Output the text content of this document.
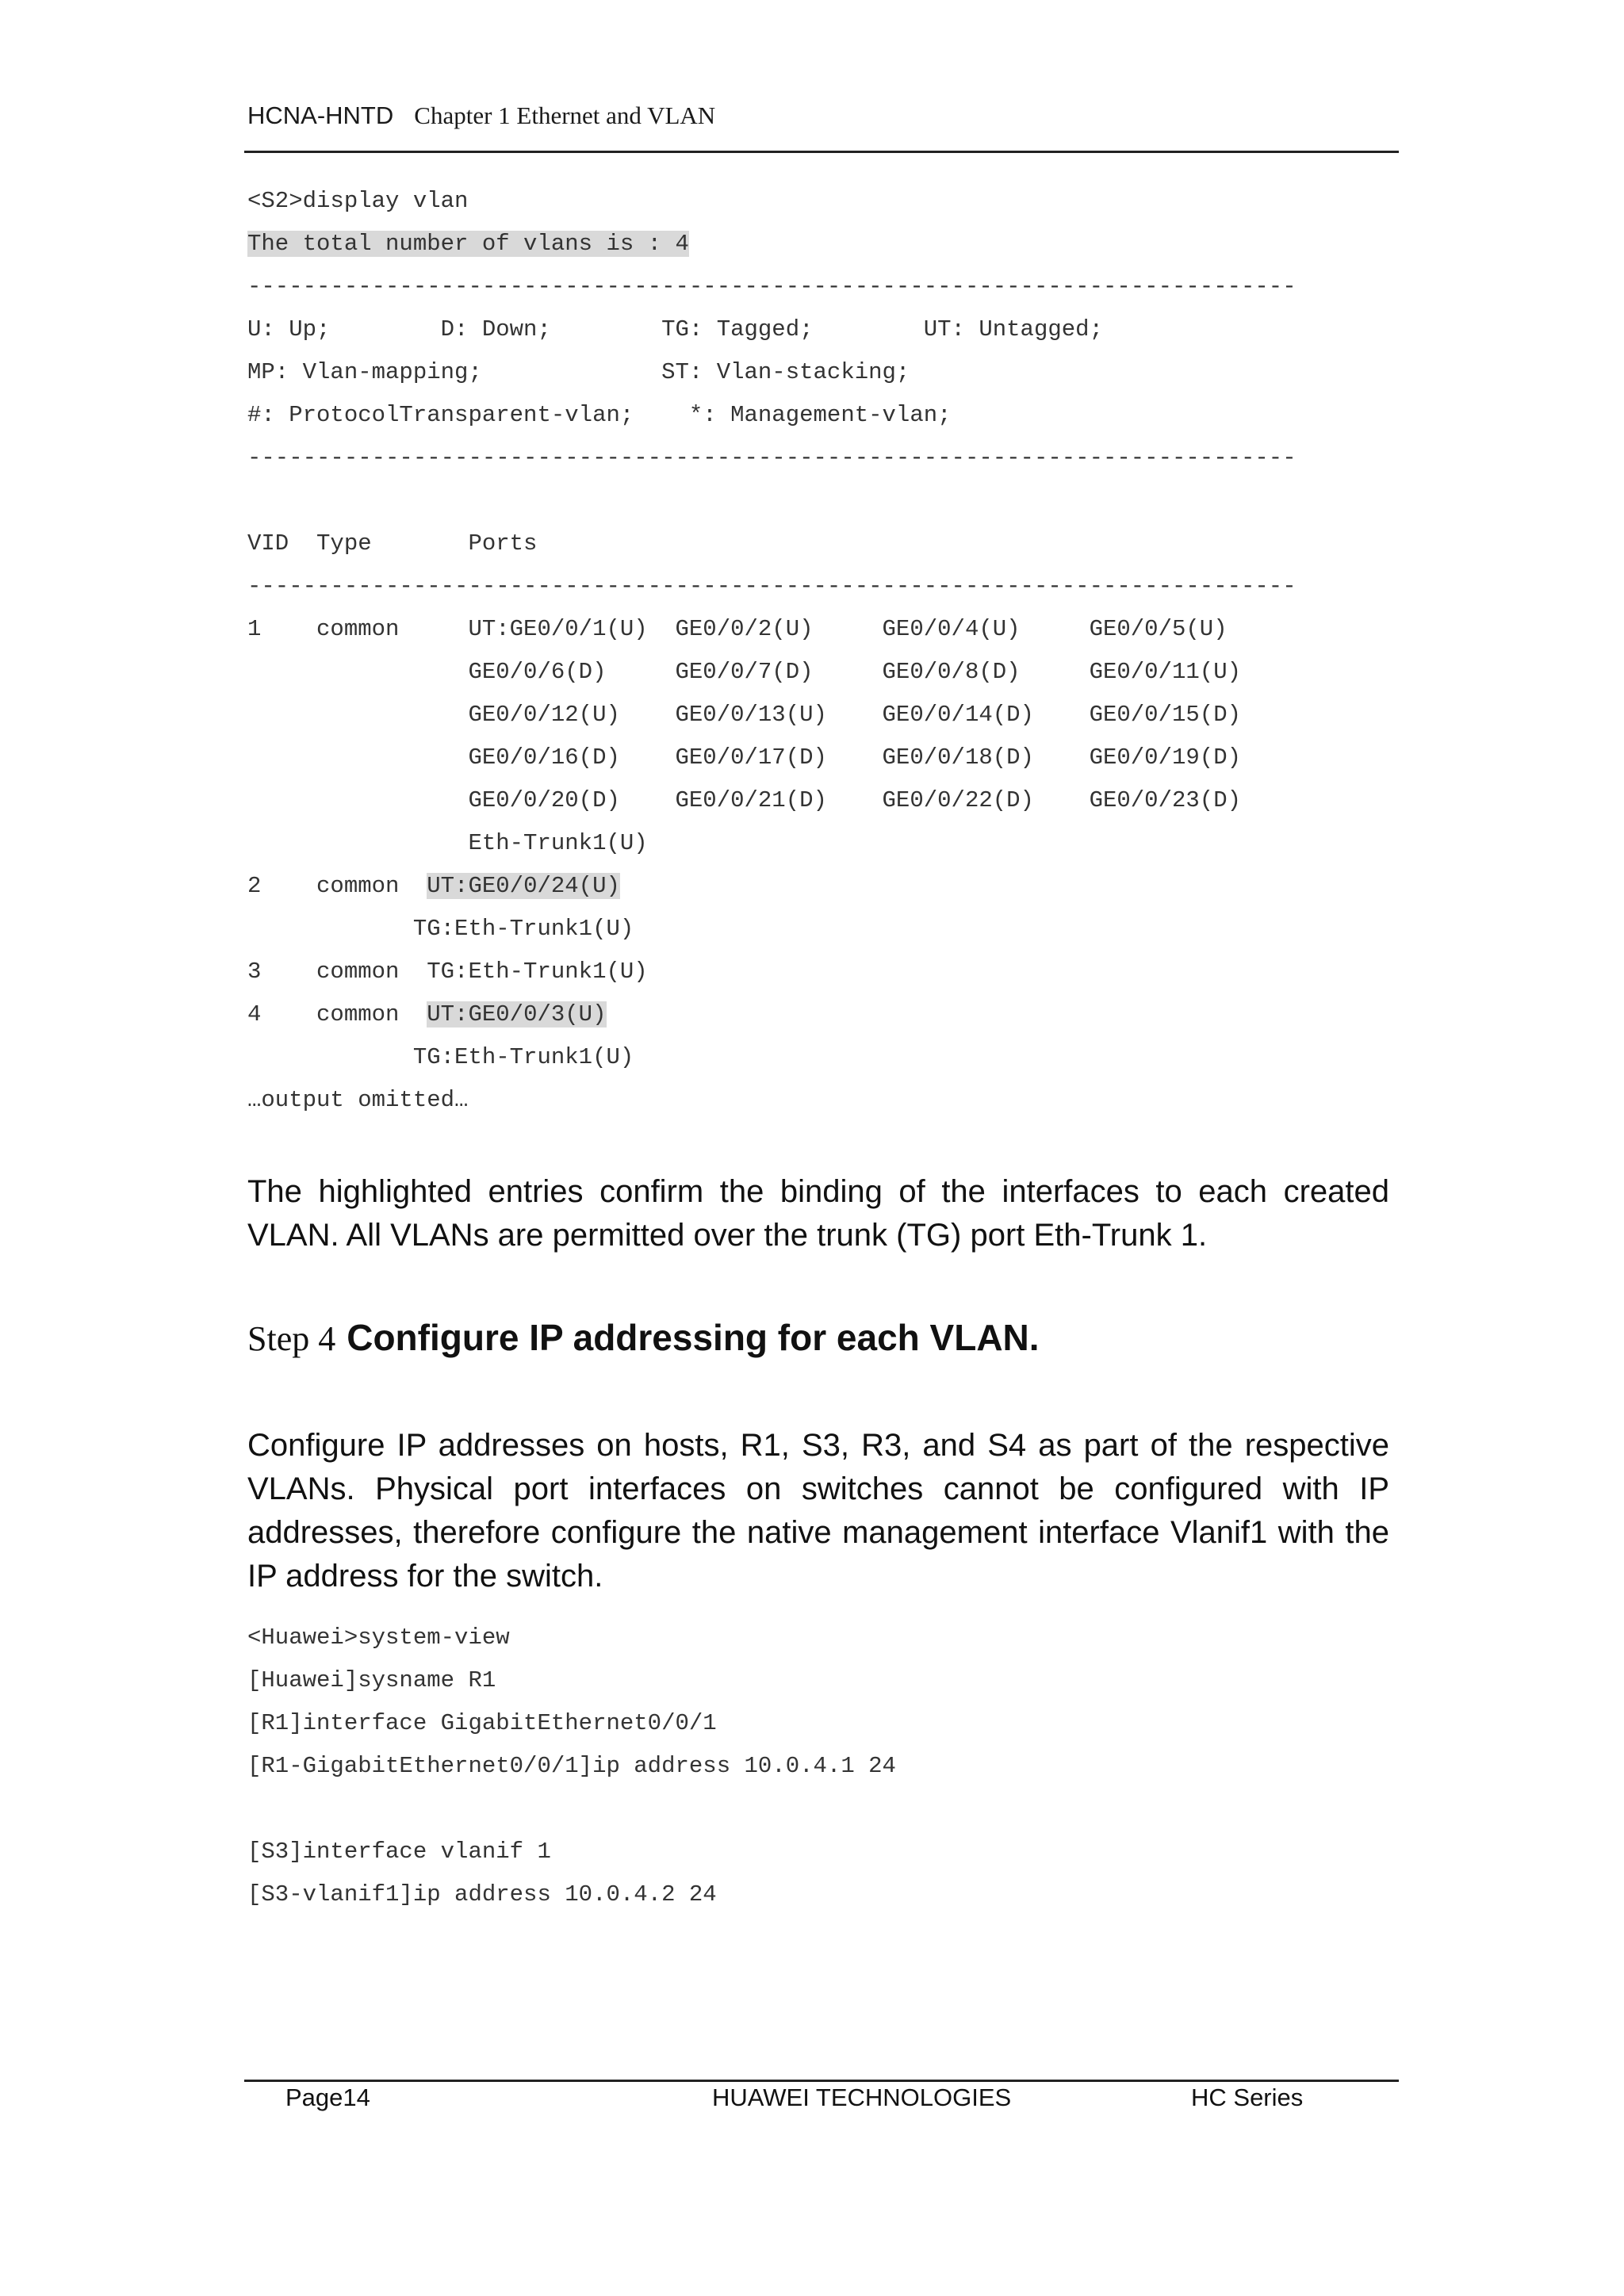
HCNA-HNTD Chapter 1 Ethernet and VLAN
<S2>display vlan
The total number of vlans is : 4
----------------------------------------------------------------------------
U: Up;        D: Down;        TG: Tagged;        UT: Untagged;
MP: Vlan-mapping;             ST: Vlan-stacking;
#: ProtocolTransparent-vlan;    *: Management-vlan;
----------------------------------------------------------------------------
VID  Type       Ports
----------------------------------------------------------------------------
1    common     UT:GE0/0/1(U)  GE0/0/2(U)     GE0/0/4(U)     GE0/0/5(U)
GE0/0/6(D)     GE0/0/7(D)     GE0/0/8(D)     GE0/0/11(U)
GE0/0/12(U)    GE0/0/13(U)    GE0/0/14(D)    GE0/0/15(D)
GE0/0/16(D)    GE0/0/17(D)    GE0/0/18(D)    GE0/0/19(D)
GE0/0/20(D)    GE0/0/21(D)    GE0/0/22(D)    GE0/0/23(D)
Eth-Trunk1(U)
2    common  UT:GE0/0/24(U)
TG:Eth-Trunk1(U)
3    common  TG:Eth-Trunk1(U)
4    common  UT:GE0/0/3(U)
TG:Eth-Trunk1(U)
…output omitted…
The highlighted entries confirm the binding of the interfaces to each created VLAN. All VLANs are permitted over the trunk (TG) port Eth-Trunk 1.
Step 4 Configure IP addressing for each VLAN.
Configure IP addresses on hosts, R1, S3, R3, and S4 as part of the respective VLANs. Physical port interfaces on switches cannot be configured with IP addresses, therefore configure the native management interface Vlanif1 with the IP address for the switch.
<Huawei>system-view
[Huawei]sysname R1
[R1]interface GigabitEthernet0/0/1
[R1-GigabitEthernet0/0/1]ip address 10.0.4.1 24
[S3]interface vlanif 1
[S3-vlanif1]ip address 10.0.4.2 24
Page14	HUAWEI TECHNOLOGIES	HC Series
